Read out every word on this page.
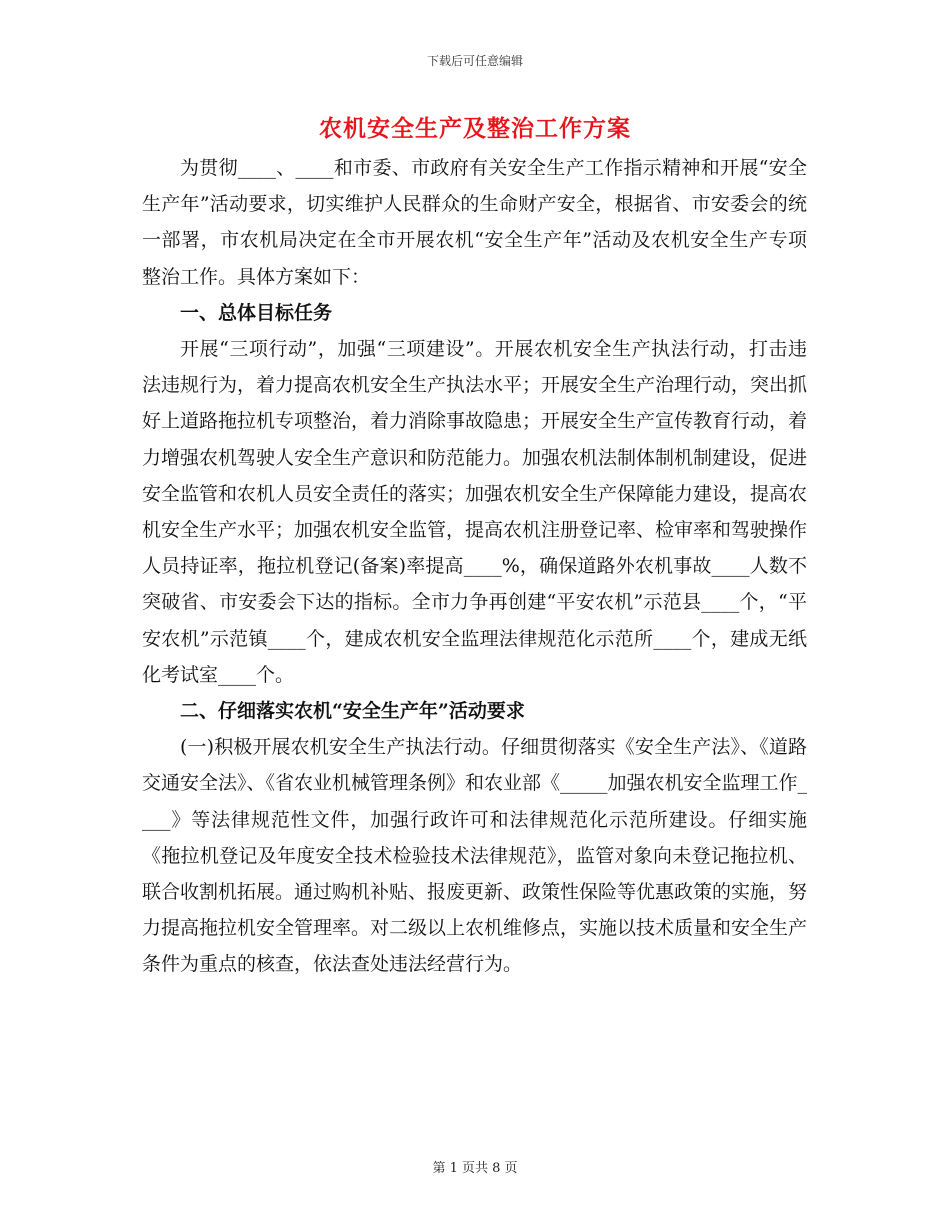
下载后可任意编辑
农机安全生产及整治工作方案

为贯彻____、____和市委、市政府有关安全生产工作指示精神和开展“安全生产年”活动要求，切实维护人民群众的生命财产安全，根据省、市安委会的统一部署，市农机局决定在全市开展农机“安全生产年”活动及农机安全生产专项整治工作。具体方案如下：

一、总体目标任务

开展“三项行动”，加强“三项建设”。开展农机安全生产执法行动，打击违法违规行为，着力提高农机安全生产执法水平；开展安全生产治理行动，突出抓好上道路拖拉机专项整治，着力消除事故隐患；开展安全生产宣传教育行动，着力增强农机驾驶人安全生产意识和防范能力。加强农机法制体制机制建设，促进安全监管和农机人员安全责任的落实；加强农机安全生产保障能力建设，提高农机安全生产水平；加强农机安全监管，提高农机注册登记率、检审率和驾驶操作人员持证率，拖拉机登记(备案)率提高____%，确保道路外农机事故____人数不突破省、市安委会下达的指标。全市力争再创建“平安农机”示范县____个，“平安农机”示范镇____个，建成农机安全监理法律规范化示范所____个，建成无纸化考试室____个。

二、仔细落实农机“安全生产年”活动要求

(一)积极开展农机安全生产执法行动。仔细贯彻落实《安全生产法》、《道路交通安全法》、《省农业机械管理条例》和农业部《_____加强农机安全监理工作____》等法律规范性文件，加强行政许可和法律规范化示范所建设。仔细实施《拖拉机登记及年度安全技术检验技术法律规范》，监管对象向未登记拖拉机、联合收割机拓展。通过购机补贴、报废更新、政策性保险等优惠政策的实施，努力提高拖拉机安全管理率。对二级以上农机维修点，实施以技术质量和安全生产条件为重点的核查，依法查处违法经营行为。

第 1 页共 8 页
